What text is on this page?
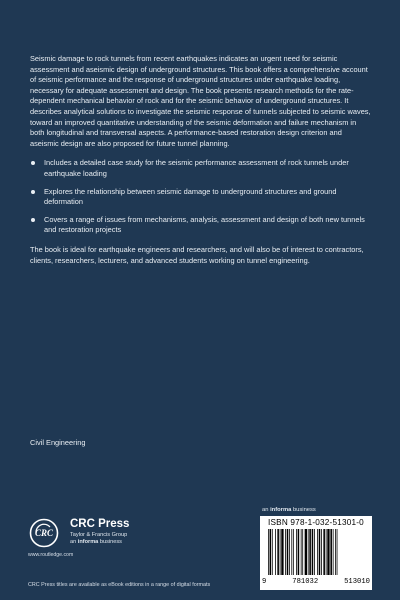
Seismic damage to rock tunnels from recent earthquakes indicates an urgent need for seismic assessment and aseismic design of underground structures. This book offers a comprehensive account of seismic performance and the response of underground structures under earthquake loading, necessary for adequate assessment and design. The book presents research methods for the rate-dependent mechanical behavior of rock and for the seismic behavior of underground structures. It describes analytical solutions to investigate the seismic response of tunnels subjected to seismic waves, toward an improved quantitative understanding of the seismic deformation and failure mechanism in both longitudinal and transversal aspects. A performance-based restoration design criterion and aseismic design are also proposed for future tunnel planning.

Includes a detailed case study for the seismic performance assessment of rock tunnels under earthquake loading
Explores the relationship between seismic damage to underground structures and ground deformation
Covers a range of issues from mechanisms, analysis, assessment and design of both new tunnels and restoration projects

The book is ideal for earthquake engineers and researchers, and will also be of interest to contractors, clients, researchers, lecturers, and advanced students working on tunnel engineering.

Civil Engineering
CRC
CRC Press
Taylor & Francis Group
an informa business
www.routledge.com
CRC Press titles are available as eBook editions in a range of digital formats
an informa business
ISBN 978-1-032-51301-0
9	781032	513010
